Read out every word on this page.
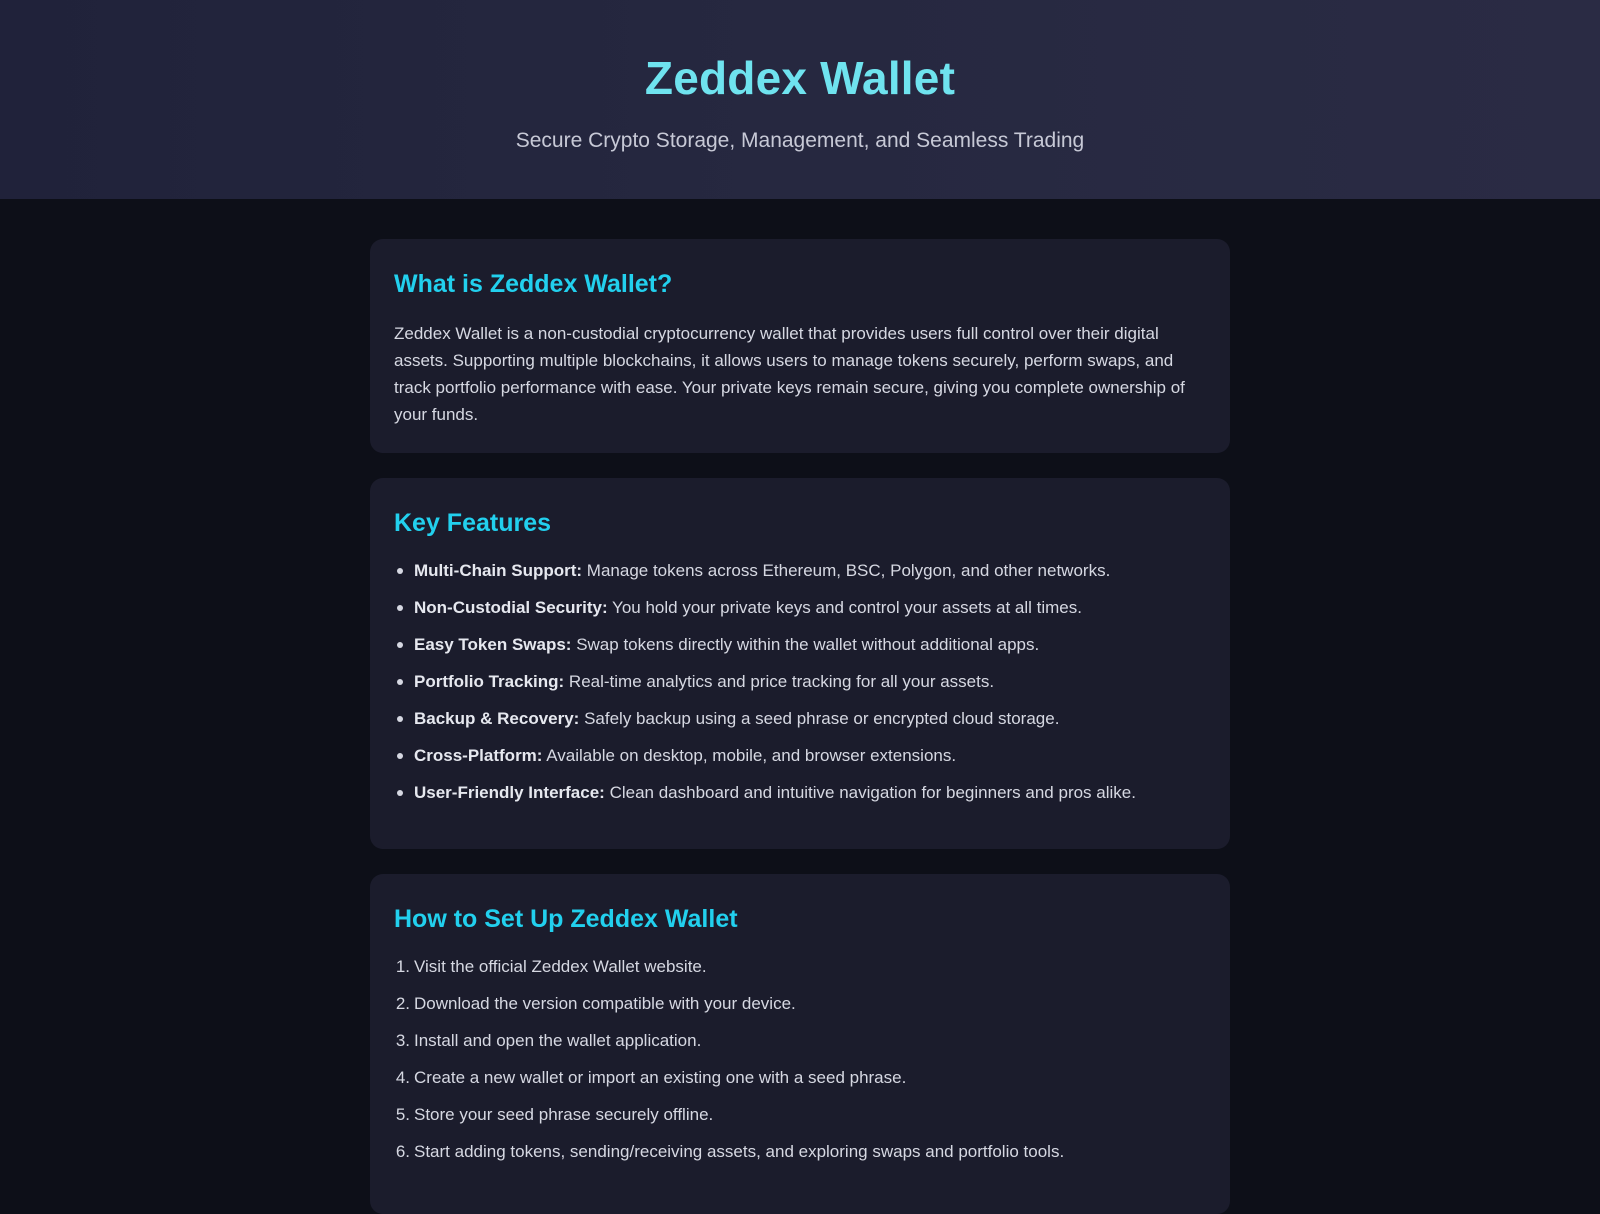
Zeddex Wallet

Secure Crypto Storage, Management, and Seamless Trading

What is Zeddex Wallet?

Zeddex Wallet is a non-custodial cryptocurrency wallet that provides users full control over their digital assets. Supporting multiple blockchains, it allows users to manage tokens securely, perform swaps, and track portfolio performance with ease. Your private keys remain secure, giving you complete ownership of your funds.

Key Features
Multi-Chain Support: Manage tokens across Ethereum, BSC, Polygon, and other networks.
Non-Custodial Security: You hold your private keys and control your assets at all times.
Easy Token Swaps: Swap tokens directly within the wallet without additional apps.
Portfolio Tracking: Real-time analytics and price tracking for all your assets.
Backup & Recovery: Safely backup using a seed phrase or encrypted cloud storage.
Cross-Platform: Available on desktop, mobile, and browser extensions.
User-Friendly Interface: Clean dashboard and intuitive navigation for beginners and pros alike.
How to Set Up Zeddex Wallet
1. Visit the official Zeddex Wallet website.
2. Download the version compatible with your device.
3. Install and open the wallet application.
4. Create a new wallet or import an existing one with a seed phrase.
5. Store your seed phrase securely offline.
6. Start adding tokens, sending/receiving assets, and exploring swaps and portfolio tools.
